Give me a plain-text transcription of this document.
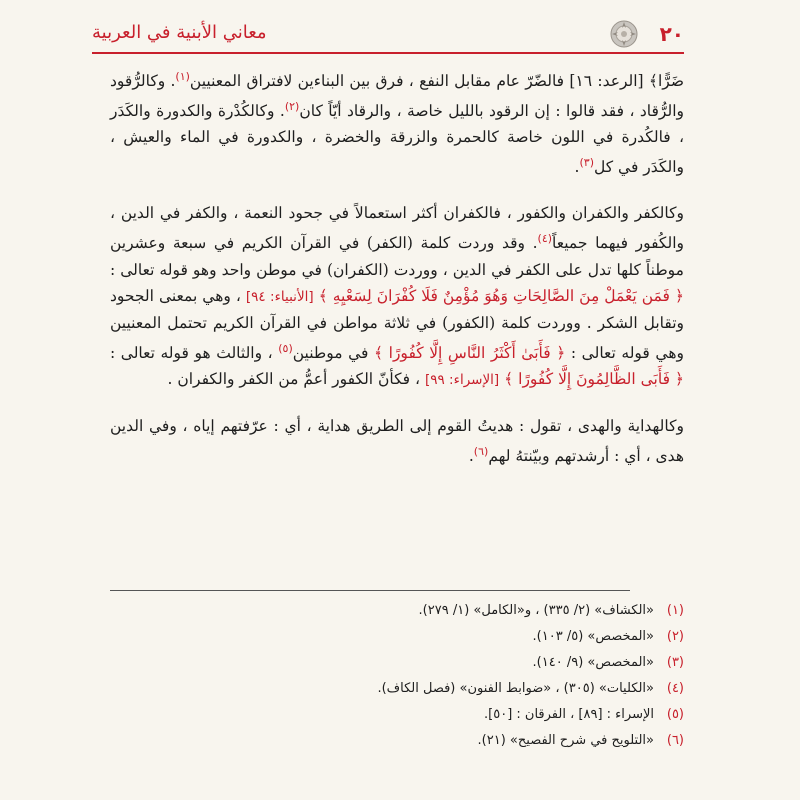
٢٠
معاني الأبنية في العربية

ضَرًّا﴾ [الرعد: ١٦] فالضّرّ عام مقابل النفع ، فرق بين البناءين لافتراق المعنيين$^{(١)}$. وكالرُّقود والرُّقاد ، فقد قالوا : إن الرقود بالليل خاصة ، والرقاد أيّاً كان$^{(٢)}$. وكالكُدْرة والكدورة والكَدَر ، فالكُدرة في اللون خاصة كالحمرة والزرقة والخضرة ، والكدورة في الماء والعيش ، والكَدَر في كل$^{(٣)}$.

وكالكفر والكفران والكفور ، فالكفران أكثر استعمالاً في جحود النعمة ، والكفر في الدين ، والكُفور فيهما جميعاً$^{(٤)}$. وقد وردت كلمة (الكفر) في القرآن الكريم في سبعة وعشرين موطناً كلها تدل على الكفر في الدين ، ووردت (الكفران) في موطن واحد وهو قوله تعالى : ﴿ فَمَن يَعْمَلْ مِنَ الصَّالِحَاتِ وَهُوَ مُؤْمِنٌ فَلَا كُفْرَانَ لِسَعْيِهِ ﴾ [الأنبياء: ٩٤] ، وهي بمعنى الجحود وتقابل الشكر . ووردت كلمة (الكفور) في ثلاثة مواطن في القرآن الكريم تحتمل المعنيين وهي قوله تعالى : ﴿ فَأَبَىٰ أَكْثَرُ النَّاسِ إِلَّا كُفُورًا ﴾ في موطنين$^{(٥)}$ ، والثالث هو قوله تعالى : ﴿ فَأَبَى الظَّالِمُونَ إِلَّا كُفُورًا ﴾ [الإسراء: ٩٩] ، فكأنّ الكفور أعمُّ من الكفر والكفران .

وكالهداية والهدى ، تقول : هديتُ القوم إلى الطريق هداية ، أي : عرّفتهم إياه ، وفي الدين هدى ، أي : أرشدتهم وبيّنتهُ لهم$^{(٦)}$.

(١)«الكشاف» (٢/ ٣٣٥) ، و«الكامل» (١/ ٢٧٩).

(٢)«المخصص» (٥/ ١٠٣).

(٣)«المخصص» (٩/ ١٤٠).

(٤)«الكليات» (٣٠٥) ، «ضوابط الفنون» (فصل الكاف).

(٥)الإسراء : [٨٩] ، الفرقان : [٥٠].

(٦)«التلويح في شرح الفصيح» (٢١).
